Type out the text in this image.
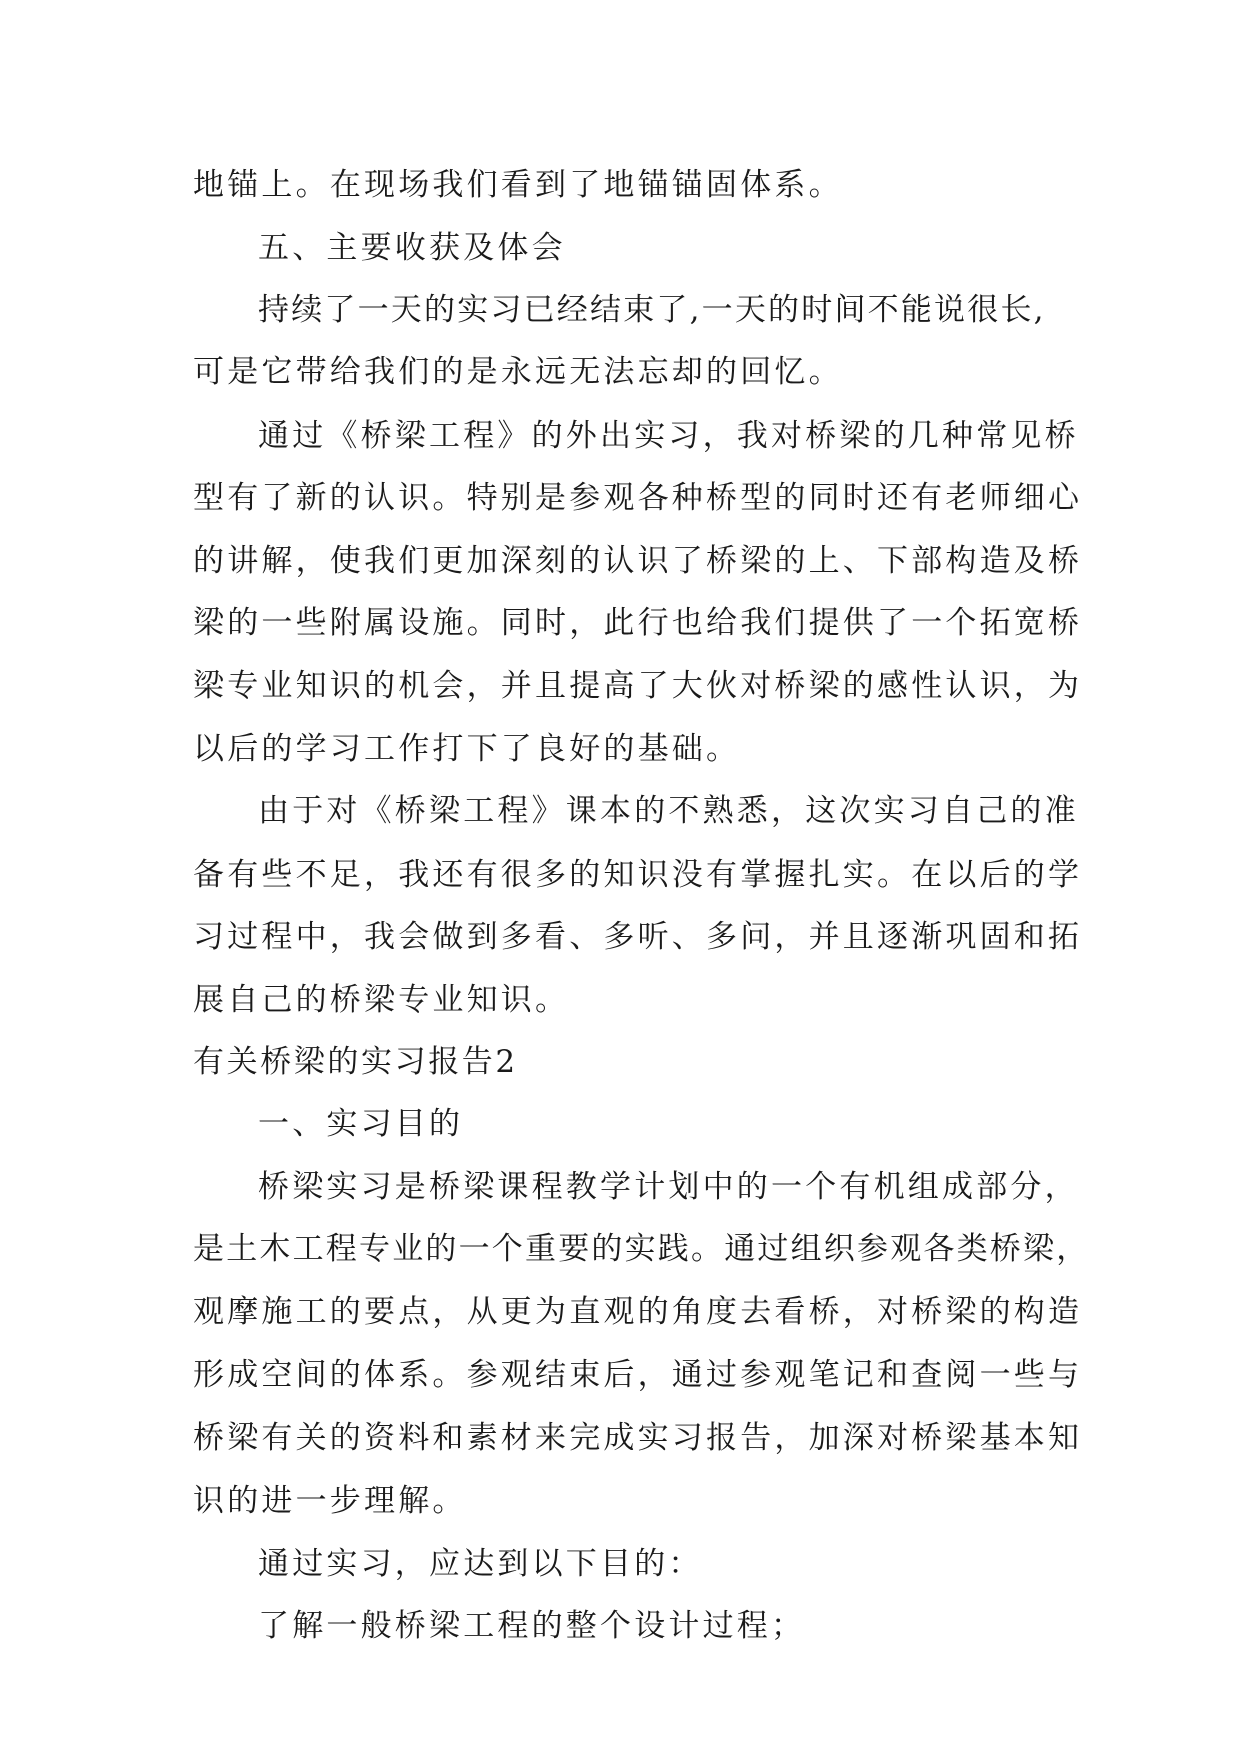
地锚上。在现场我们看到了地锚锚固体系。
五、主要收获及体会
持续了一天的实习已经结束了,一天的时间不能说很长,
可是它带给我们的是永远无法忘却的回忆。
通过《桥梁工程》的外出实习，我对桥梁的几种常见桥
型有了新的认识。特别是参观各种桥型的同时还有老师细心
的讲解，使我们更加深刻的认识了桥梁的上、下部构造及桥
梁的一些附属设施。同时，此行也给我们提供了一个拓宽桥
梁专业知识的机会，并且提高了大伙对桥梁的感性认识，为
以后的学习工作打下了良好的基础。
由于对《桥梁工程》课本的不熟悉，这次实习自己的准
备有些不足，我还有很多的知识没有掌握扎实。在以后的学
习过程中，我会做到多看、多听、多问，并且逐渐巩固和拓
展自己的桥梁专业知识。
有关桥梁的实习报告2
一、实习目的
桥梁实习是桥梁课程教学计划中的一个有机组成部分，
是土木工程专业的一个重要的实践。通过组织参观各类桥梁，
观摩施工的要点，从更为直观的角度去看桥，对桥梁的构造
形成空间的体系。参观结束后，通过参观笔记和查阅一些与
桥梁有关的资料和素材来完成实习报告，加深对桥梁基本知
识的进一步理解。
通过实习，应达到以下目的：
了解一般桥梁工程的整个设计过程；
